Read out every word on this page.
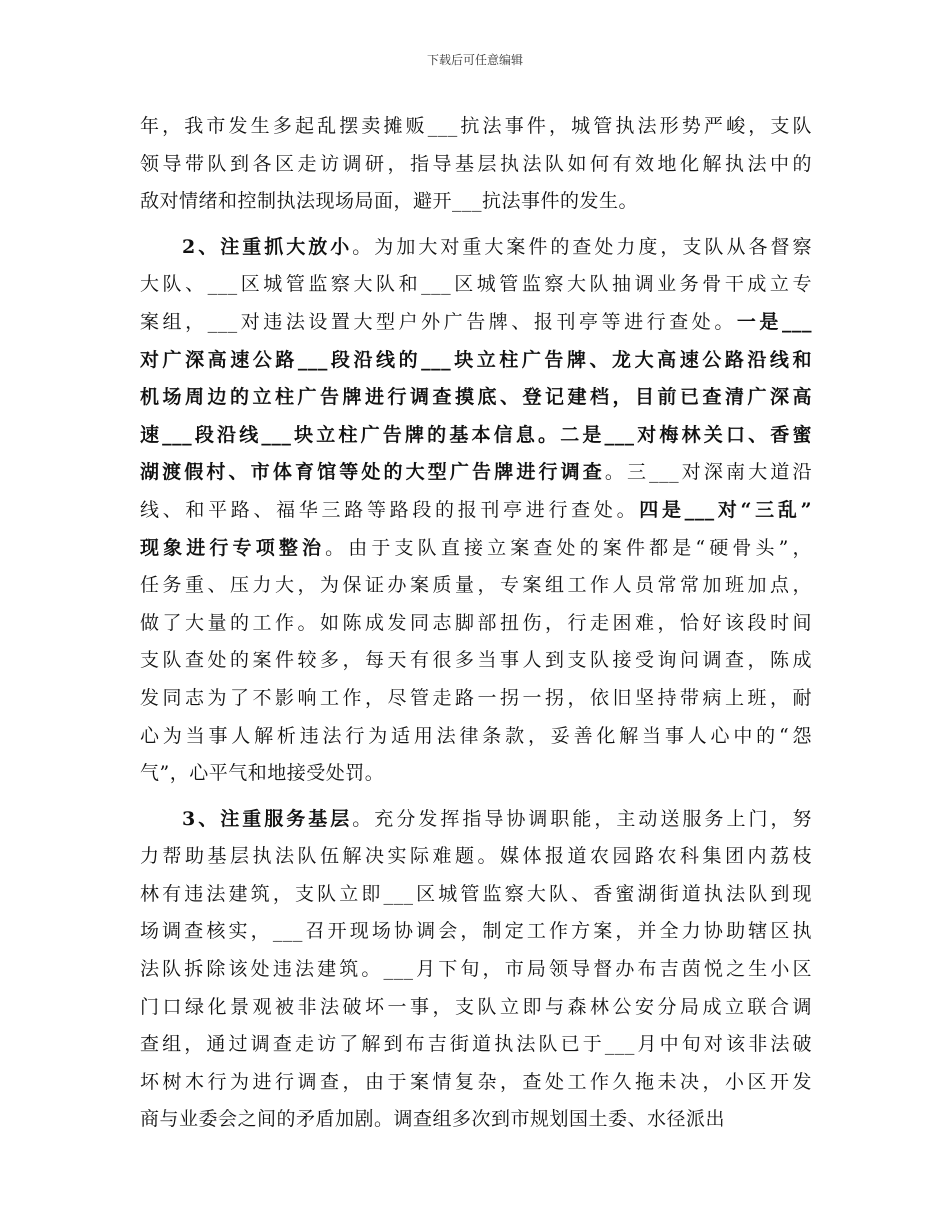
下载后可任意编辑
年，我市发生多起乱摆卖摊贩___抗法事件，城管执法形势严峻，支队
领导带队到各区走访调研，指导基层执法队如何有效地化解执法中的
敌对情绪和控制执法现场局面，避开___抗法事件的发生。
2、注重抓大放小。为加大对重大案件的查处力度，支队从各督察
大队、___区城管监察大队和___区城管监察大队抽调业务骨干成立专
案组，___对违法设置大型户外广告牌、报刊亭等进行查处。一是___
对广深高速公路___段沿线的___块立柱广告牌、龙大高速公路沿线和
机场周边的立柱广告牌进行调查摸底、登记建档，目前已查清广深高
速___段沿线___块立柱广告牌的基本信息。二是___对梅林关口、香蜜
湖渡假村、市体育馆等处的大型广告牌进行调查。三___对深南大道沿
线、和平路、福华三路等路段的报刊亭进行查处。四是___对“三乱”
现象进行专项整治。由于支队直接立案查处的案件都是“硬骨头”，
任务重、压力大，为保证办案质量，专案组工作人员常常加班加点，
做了大量的工作。如陈成发同志脚部扭伤，行走困难，恰好该段时间
支队查处的案件较多，每天有很多当事人到支队接受询问调查，陈成
发同志为了不影响工作，尽管走路一拐一拐，依旧坚持带病上班，耐
心为当事人解析违法行为适用法律条款，妥善化解当事人心中的“怨
气”，心平气和地接受处罚。
3、注重服务基层。充分发挥指导协调职能，主动送服务上门，努
力帮助基层执法队伍解决实际难题。媒体报道农园路农科集团内荔枝
林有违法建筑，支队立即___区城管监察大队、香蜜湖街道执法队到现
场调查核实，___召开现场协调会，制定工作方案，并全力协助辖区执
法队拆除该处违法建筑。___月下旬，市局领导督办布吉茵悦之生小区
门口绿化景观被非法破坏一事，支队立即与森林公安分局成立联合调
查组，通过调查走访了解到布吉街道执法队已于___月中旬对该非法破
坏树木行为进行调查，由于案情复杂，查处工作久拖未决，小区开发
商与业委会之间的矛盾加剧。调查组多次到市规划国土委、水径派出
